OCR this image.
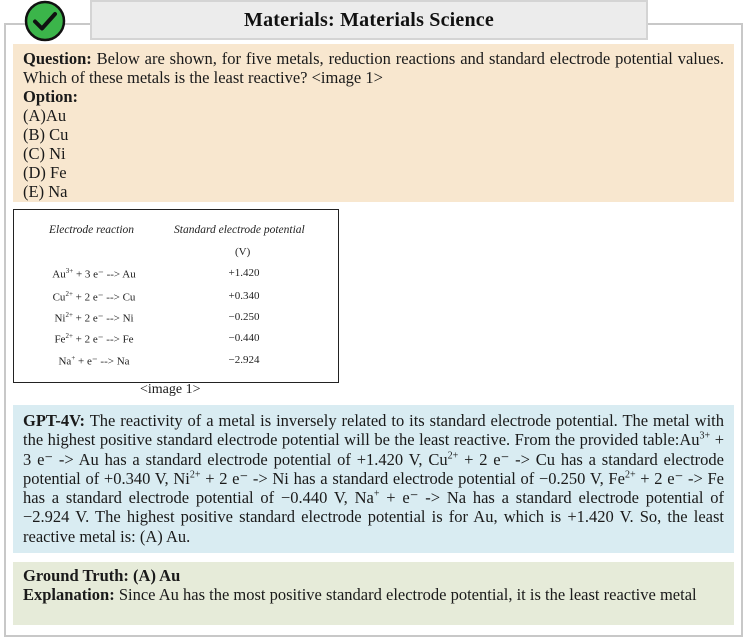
Materials: Materials Science
Question: Below are shown, for five metals, reduction reactions and standard electrode potential values. Which of these metals is the least reactive? <image 1>
Option:
(A)Au
(B) Cu
(C) Ni
(D) Fe
(E) Na
Electrode reaction	Standard electrode potential
(V)
$Au^{3+} + 3$ e⁻ --> Au	+1.420
$Cu^{2+} + 2$ e⁻ --> Cu	+0.340
$Ni^{2+} + 2$ e⁻ --> Ni	−0.250
$Fe^{2+} + 2$ e⁻ --> Fe	−0.440
Na+ + e⁻ --> Na	−2.924
<image 1>
GPT-4V: The reactivity of a metal is inversely related to its standard electrode potential. The metal with the highest positive standard electrode potential will be the least reactive. From the provided $table:Au^{3+} + 3$ e⁻ -> Au has a standard electrode potential of +1.420 V, $Cu^{2+} + 2$ e⁻ -> Cu has a standard electrode potential of +0.340 V, $Ni^{2+} + 2$ e⁻ -> Ni has a standard electrode potential of −0.250 V, $Fe^{2+} + 2$ e⁻ -> Fe has a standard electrode potential of −0.440 V, Na+ + e⁻ -> Na has a standard electrode potential of −2.924 V. The highest positive standard electrode potential is for Au, which is +1.420 V. So, the least reactive metal is: (A) Au.
Ground Truth: (A) Au
Explanation: Since Au has the most positive standard electrode potential, it is the least reactive metal
